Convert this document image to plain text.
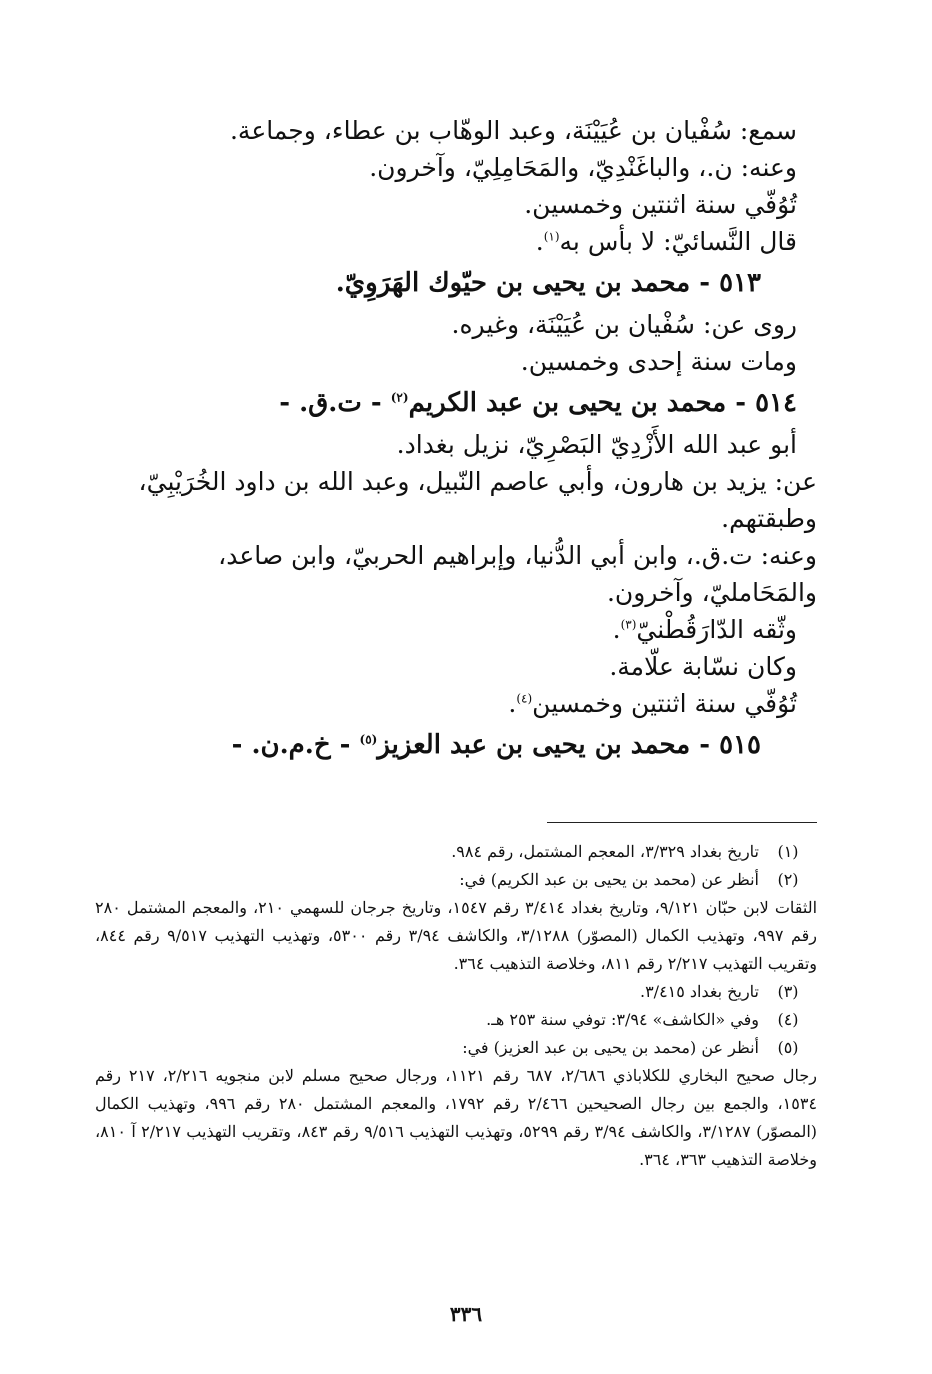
سمع: سُفْيان بن عُيَيْنَة، وعبد الوهّاب بن عطاء، وجماعة.

وعنه: ن.، والباغَنْدِيّ، والمَحَامِلِيّ، وآخرون.

تُوُفّي سنة اثنتين وخمسين.

قال النَّسائيّ: لا بأس به$^{(١)}$.

٥١٣ - محمد بن يحيى بن حيّوك الهَرَوِيّ.

روى عن: سُفْيان بن عُيَيْنَة، وغيره.

ومات سنة إحدى وخمسين.

٥١٤ - محمد بن يحيى بن عبد الكريم$^{(٢)}$ - ت.ق. -

أبو عبد الله الأَزْدِيّ البَصْرِيّ، نزيل بغداد.

عن: يزيد بن هارون، وأبي عاصم النّبيل، وعبد الله بن داود الخُرَيْبِيّ، وطبقتهم.

وعنه: ت.ق.، وابن أبي الدُّنيا، وإبراهيم الحربيّ، وابن صاعد، والمَحَامليّ، وآخرون.

وثّقه الدّارَقُطْنيّ$^{(٣)}$.

وكان نسّابة علّامة.

تُوُفّي سنة اثنتين وخمسين$^{(٤)}$.

٥١٥ - محمد بن يحيى بن عبد العزيز$^{(٥)}$ - خ.م.ن. -

(١)
تاريخ بغداد ٣/٣٢٩، المعجم المشتمل، رقم ٩٨٤.
(٢)
أنظر عن (محمد بن يحيى بن عبد الكريم) في:
الثقات لابن حبّان ٩/١٢١، وتاريخ بغداد ٣/٤١٤ رقم ١٥٤٧، وتاريخ جرجان للسهمي ٢١٠، والمعجم المشتمل ٢٨٠ رقم ٩٩٧، وتهذيب الكمال (المصوّر) ٣/١٢٨٨، والكاشف ٣/٩٤ رقم ٥٣٠٠، وتهذيب التهذيب ٩/٥١٧ رقم ٨٤٤، وتقريب التهذيب ٢/٢١٧ رقم ٨١١، وخلاصة التذهيب ٣٦٤.
(٣)
تاريخ بغداد ٣/٤١٥.
(٤)
وفي «الكاشف» ٣/٩٤: توفي سنة ٢٥٣ هـ.
(٥)
أنظر عن (محمد بن يحيى بن عبد العزيز) في:
رجال صحيح البخاري للكلاباذي ٢/٦٨٦، ٦٨٧ رقم ١١٢١، ورجال صحيح مسلم لابن منجويه ٢/٢١٦، ٢١٧ رقم ١٥٣٤، والجمع بين رجال الصحيحين ٢/٤٦٦ رقم ١٧٩٢، والمعجم المشتمل ٢٨٠ رقم ٩٩٦، وتهذيب الكمال (المصوّر) ٣/١٢٨٧، والكاشف ٣/٩٤ رقم ٥٢٩٩، وتهذيب التهذيب ٩/٥١٦ رقم ٨٤٣، وتقريب التهذيب ٢/٢١٧ آ ٨١٠، وخلاصة التذهيب ٣٦٣، ٣٦٤.
٣٣٦
